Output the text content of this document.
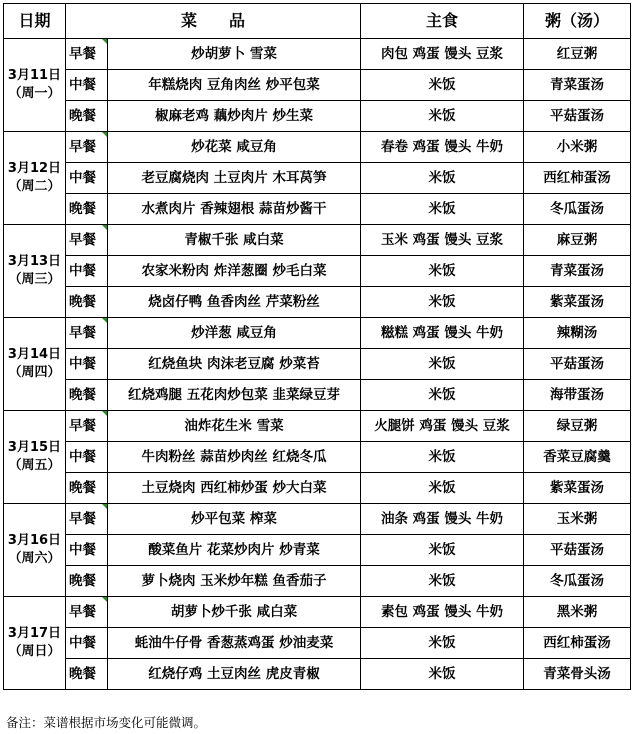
日期	菜　　品		主食	粥（汤）

3月11日
（周一）	早餐	炒胡萝卜 雪菜	肉包 鸡蛋 馒头 豆浆	红豆粥
	中餐	年糕烧肉 豆角肉丝 炒平包菜	米饭	青菜蛋汤
	晚餐	椒麻老鸡 藕炒肉片 炒生菜	米饭	平菇蛋汤

3月12日
（周二）	早餐	炒花菜 咸豆角	春卷 鸡蛋 馒头 牛奶	小米粥
	中餐	老豆腐烧肉 土豆肉片 木耳莴笋	米饭	西红柿蛋汤
	晚餐	水煮肉片 香辣翅根 蒜苗炒酱干	米饭	冬瓜蛋汤

3月13日
（周三）	早餐	青椒千张 咸白菜	玉米 鸡蛋 馒头 豆浆	麻豆粥
	中餐	农家米粉肉 炸洋葱圈 炒毛白菜	米饭	青菜蛋汤
	晚餐	烧卤仔鸭 鱼香肉丝 芹菜粉丝	米饭	紫菜蛋汤

3月14日
（周四）	早餐	炒洋葱 咸豆角	糍糕 鸡蛋 馒头 牛奶	辣糊汤
	中餐	红烧鱼块 肉沫老豆腐 炒菜苔	米饭	平菇蛋汤
	晚餐	红烧鸡腿 五花肉炒包菜 韭菜绿豆芽	米饭	海带蛋汤

3月15日
（周五）	早餐	油炸花生米 雪菜	火腿饼 鸡蛋 馒头 豆浆	绿豆粥
	中餐	牛肉粉丝 蒜苗炒肉丝 红烧冬瓜	米饭	香菜豆腐羹
	晚餐	土豆烧肉 西红柿炒蛋 炒大白菜	米饭	紫菜蛋汤

3月16日
（周六）	早餐	炒平包菜 榨菜	油条 鸡蛋 馒头 牛奶	玉米粥
	中餐	酸菜鱼片 花菜炒肉片 炒青菜	米饭	平菇蛋汤
	晚餐	萝卜烧肉 玉米炒年糕 鱼香茄子	米饭	冬瓜蛋汤

3月17日
（周日）	早餐	胡萝卜炒千张 咸白菜	素包 鸡蛋 馒头 牛奶	黑米粥
	中餐	蚝油牛仔骨 香葱蒸鸡蛋 炒油麦菜	米饭	西红柿蛋汤
	晚餐	红烧仔鸡 土豆肉丝 虎皮青椒	米饭	青菜骨头汤
备注：菜谱根据市场变化可能微调。
